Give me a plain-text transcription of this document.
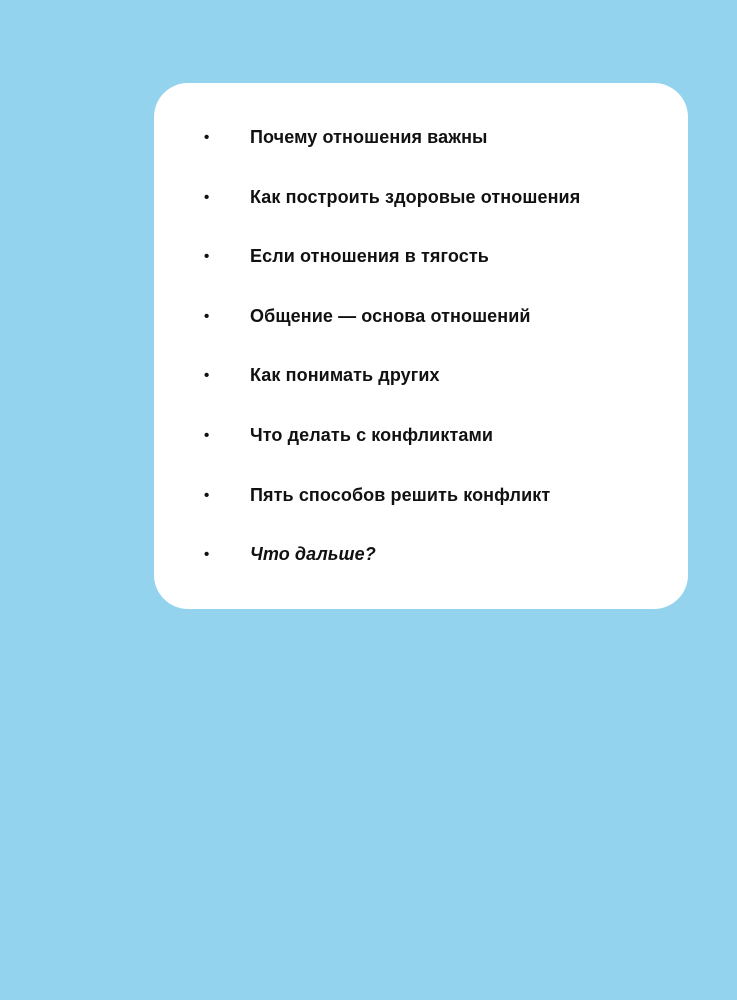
• Почему отношения важны
• Как построить здоровые отношения
• Если отношения в тягость
• Общение — основа отношений
• Как понимать других
• Что делать с конфликтами
• Пять способов решить конфликт
• Что дальше?
